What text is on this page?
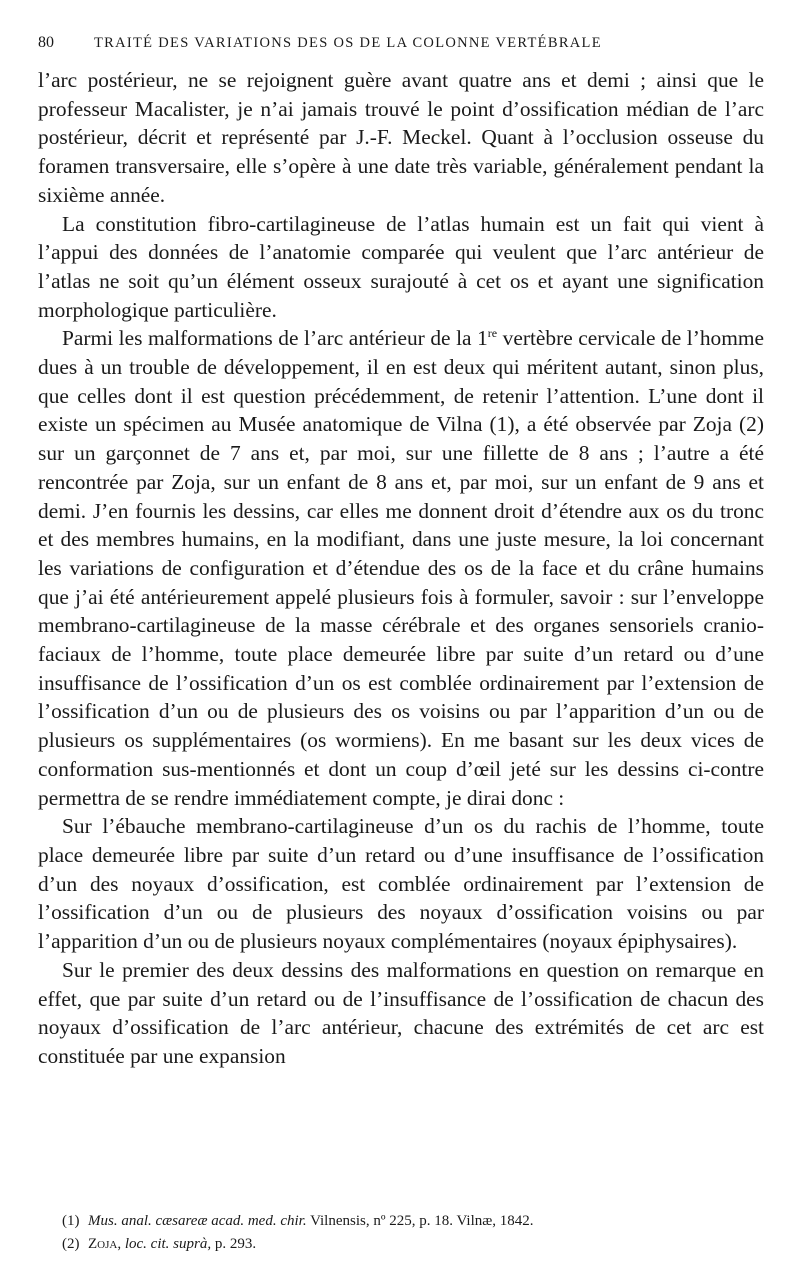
80	TRAITÉ DES VARIATIONS DES OS DE LA COLONNE VERTÉBRALE

l’arc postérieur, ne se rejoignent guère avant quatre ans et demi ; ainsi que le professeur Macalister, je n’ai jamais trouvé le point d’ossification médian de l’arc postérieur, décrit et représenté par J.-F. Meckel. Quant à l’occlusion osseuse du foramen transversaire, elle s’opère à une date très variable, généralement pendant la sixième année.

La constitution fibro-cartilagineuse de l’atlas humain est un fait qui vient à l’appui des données de l’anatomie comparée qui veulent que l’arc antérieur de l’atlas ne soit qu’un élément osseux surajouté à cet os et ayant une signification morphologique particulière.

Parmi les malformations de l’arc antérieur de la 1re vertèbre cervicale de l’homme dues à un trouble de développement, il en est deux qui méritent autant, sinon plus, que celles dont il est question précédemment, de retenir l’attention. L’une dont il existe un spécimen au Musée anatomique de Vilna (1), a été observée par Zoja (2) sur un garçonnet de 7 ans et, par moi, sur une fillette de 8 ans ; l’autre a été rencontrée par Zoja, sur un enfant de 8 ans et, par moi, sur un enfant de 9 ans et demi. J’en fournis les dessins, car elles me donnent droit d’étendre aux os du tronc et des membres humains, en la modifiant, dans une juste mesure, la loi concernant les variations de configuration et d’étendue des os de la face et du crâne humains que j’ai été antérieurement appelé plusieurs fois à formuler, savoir : sur l’enveloppe membrano-cartilagineuse de la masse cérébrale et des organes sensoriels cranio-faciaux de l’homme, toute place demeurée libre par suite d’un retard ou d’une insuffisance de l’ossification d’un os est comblée ordinairement par l’extension de l’ossification d’un ou de plusieurs des os voisins ou par l’apparition d’un ou de plusieurs os supplémentaires (os wormiens). En me basant sur les deux vices de conformation sus-mentionnés et dont un coup d’œil jeté sur les dessins ci-contre permettra de se rendre immédiatement compte, je dirai donc :

Sur l’ébauche membrano-cartilagineuse d’un os du rachis de l’homme, toute place demeurée libre par suite d’un retard ou d’une insuffisance de l’ossification d’un des noyaux d’ossification, est comblée ordinairement par l’extension de l’ossification d’un ou de plusieurs des noyaux d’ossification voisins ou par l’apparition d’un ou de plusieurs noyaux complémentaires (noyaux épiphysaires).

Sur le premier des deux dessins des malformations en question on remarque en effet, que par suite d’un retard ou de l’insuffisance de l’ossification de chacun des noyaux d’ossification de l’arc antérieur, chacune des extrémités de cet arc est constituée par une expansion

(1) Mus. anal. cæsareæ acad. med. chir. Vilnensis, nº 225, p. 18. Vilnæ, 1842.
(2) Zoja, loc. cit. suprà, p. 293.
